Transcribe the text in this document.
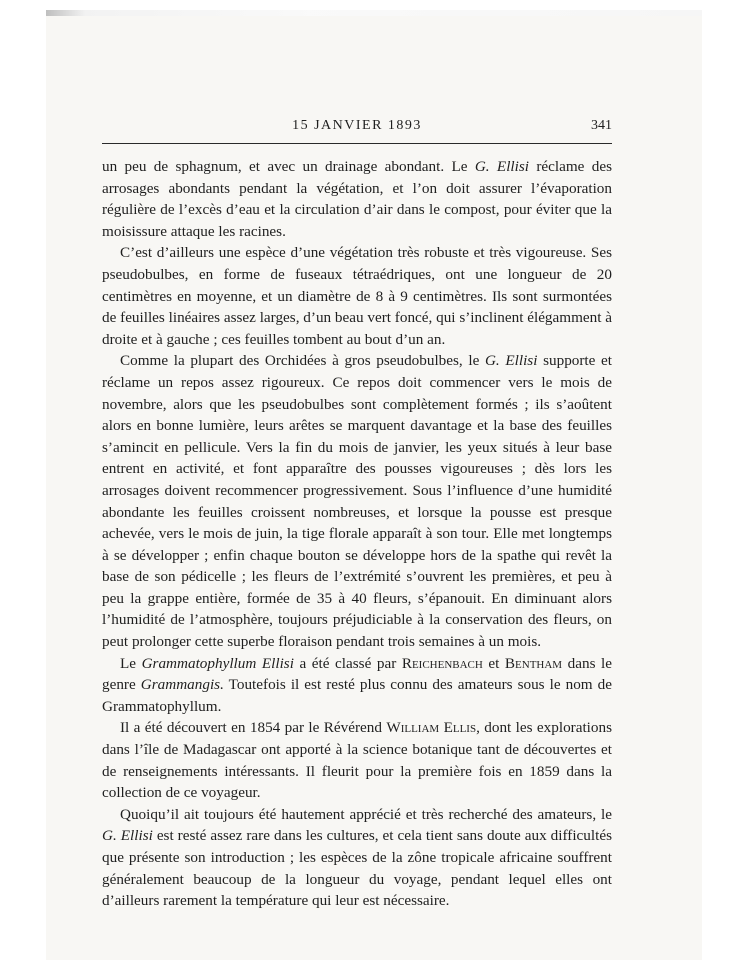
15 JANVIER 1893	341

un peu de sphagnum, et avec un drainage abondant. Le G. Ellisi réclame des arrosages abondants pendant la végétation, et l’on doit assurer l’évaporation régulière de l’excès d’eau et la circulation d’air dans le compost, pour éviter que la moisissure attaque les racines.

C’est d’ailleurs une espèce d’une végétation très robuste et très vigoureuse. Ses pseudobulbes, en forme de fuseaux tétraédriques, ont une longueur de 20 centimètres en moyenne, et un diamètre de 8 à 9 centimètres. Ils sont surmontées de feuilles linéaires assez larges, d’un beau vert foncé, qui s’inclinent élégamment à droite et à gauche ; ces feuilles tombent au bout d’un an.

Comme la plupart des Orchidées à gros pseudobulbes, le G. Ellisi supporte et réclame un repos assez rigoureux. Ce repos doit commencer vers le mois de novembre, alors que les pseudobulbes sont complètement formés ; ils s’aoûtent alors en bonne lumière, leurs arêtes se marquent davantage et la base des feuilles s’amincit en pellicule. Vers la fin du mois de janvier, les yeux situés à leur base entrent en activité, et font apparaître des pousses vigoureuses ; dès lors les arrosages doivent recommencer progressivement. Sous l’influence d’une humidité abondante les feuilles croissent nombreuses, et lorsque la pousse est presque achevée, vers le mois de juin, la tige florale apparaît à son tour. Elle met longtemps à se développer ; enfin chaque bouton se développe hors de la spathe qui revêt la base de son pédicelle ; les fleurs de l’extrémité s’ouvrent les premières, et peu à peu la grappe entière, formée de 35 à 40 fleurs, s’épanouit. En diminuant alors l’humidité de l’atmosphère, toujours préjudiciable à la conservation des fleurs, on peut prolonger cette superbe floraison pendant trois semaines à un mois.

Le Grammatophyllum Ellisi a été classé par Reichenbach et Bentham dans le genre Grammangis. Toutefois il est resté plus connu des amateurs sous le nom de Grammatophyllum.

Il a été découvert en 1854 par le Révérend William Ellis, dont les explorations dans l’île de Madagascar ont apporté à la science botanique tant de découvertes et de renseignements intéressants. Il fleurit pour la première fois en 1859 dans la collection de ce voyageur.

Quoiqu’il ait toujours été hautement apprécié et très recherché des amateurs, le G. Ellisi est resté assez rare dans les cultures, et cela tient sans doute aux difficultés que présente son introduction ; les espèces de la zône tropicale africaine souffrent généralement beaucoup de la longueur du voyage, pendant lequel elles ont d’ailleurs rarement la température qui leur est nécessaire.
